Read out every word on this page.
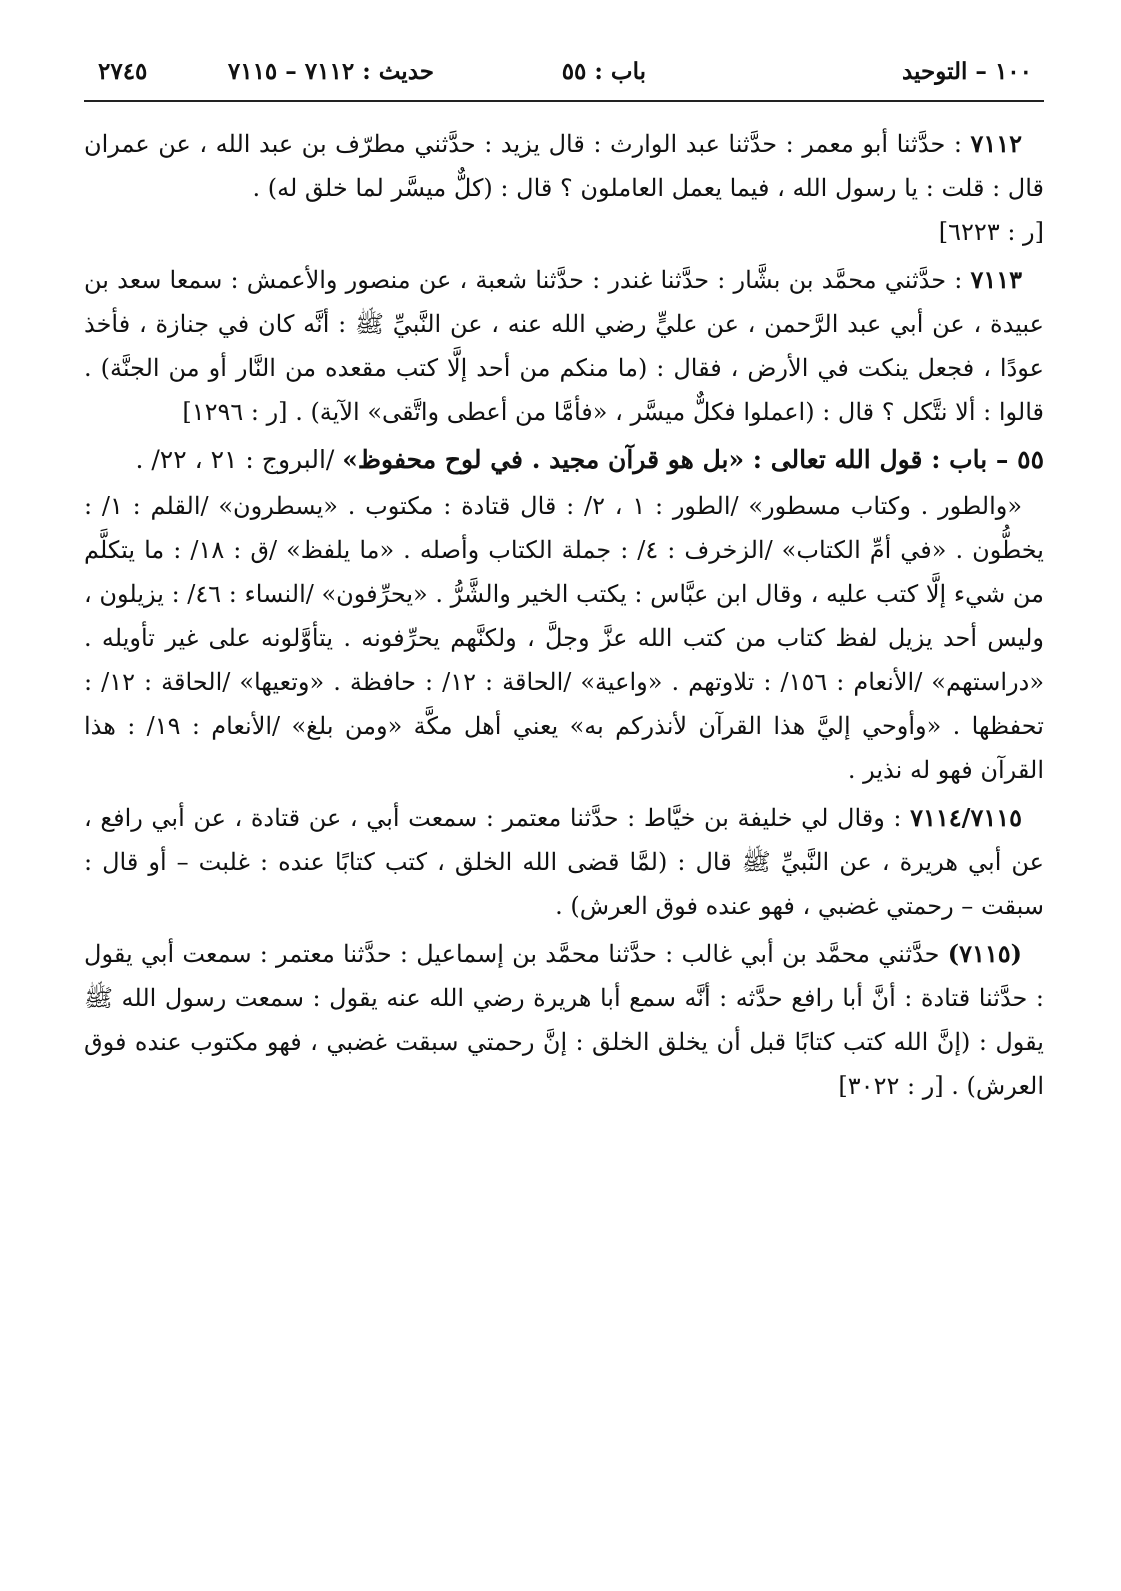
١٠٠ – التوحيد
باب : ٥٥
حديث : ٧١١٢ – ٧١١٥
٢٧٤٥

٧١١٢ : حدَّثنا أبو معمر : حدَّثنا عبد الوارث : قال يزيد : حدَّثني مطرّف بن عبد الله ، عن عمران قال : قلت : يا رسول الله ، فيما يعمل العاملون ؟ قال : (كلٌّ ميسَّر لما خلق له) .
[ر : ٦٢٢٣]

٧١١٣ : حدَّثني محمَّد بن بشَّار : حدَّثنا غندر : حدَّثنا شعبة ، عن منصور والأعمش : سمعا سعد بن عبيدة ، عن أبي عبد الرَّحمن ، عن عليٍّ رضي الله عنه ، عن النَّبيِّ ﷺ : أنَّه كان في جنازة ، فأخذ عودًا ، فجعل ينكت في الأرض ، فقال : (ما منكم من أحد إلَّا كتب مقعده من النَّار أو من الجنَّة) . قالوا : ألا نتَّكل ؟ قال : (اعملوا فكلٌّ ميسَّر ، «فأمَّا من أعطى واتَّقى» الآية) . [ر : ١٢٩٦]

٥٥ – باب : قول الله تعالى : «بل هو قرآن مجيد . في لوح محفوظ» /البروج : ٢١ ، ٢٢/ .

«والطور . وكتاب مسطور» /الطور : ١ ، ٢/ : قال قتادة : مكتوب . «يسطرون» /القلم : ١/ : يخطُّون . «في أمِّ الكتاب» /الزخرف : ٤/ : جملة الكتاب وأصله . «ما يلفظ» /ق : ١٨/ : ما يتكلَّم من شيء إلَّا كتب عليه ، وقال ابن عبَّاس : يكتب الخير والشَّرُّ . «يحرِّفون» /النساء : ٤٦/ : يزيلون ، وليس أحد يزيل لفظ كتاب من كتب الله عزَّ وجلَّ ، ولكنَّهم يحرِّفونه . يتأوَّلونه على غير تأويله . «دراستهم» /الأنعام : ١٥٦/ : تلاوتهم . «واعية» /الحاقة : ١٢/ : حافظة . «وتعيها» /الحاقة : ١٢/ : تحفظها . «وأوحي إليَّ هذا القرآن لأنذركم به» يعني أهل مكَّة «ومن بلغ» /الأنعام : ١٩/ : هذا القرآن فهو له نذير .

٧١١٤/٧١١٥ : وقال لي خليفة بن خيَّاط : حدَّثنا معتمر : سمعت أبي ، عن قتادة ، عن أبي رافع ، عن أبي هريرة ، عن النَّبيِّ ﷺ قال : (لمَّا قضى الله الخلق ، كتب كتابًا عنده : غلبت – أو قال : سبقت – رحمتي غضبي ، فهو عنده فوق العرش) .

(٧١١٥) حدَّثني محمَّد بن أبي غالب : حدَّثنا محمَّد بن إسماعيل : حدَّثنا معتمر : سمعت أبي يقول : حدَّثنا قتادة : أنَّ أبا رافع حدَّثه : أنَّه سمع أبا هريرة رضي الله عنه يقول : سمعت رسول الله ﷺ يقول : (إنَّ الله كتب كتابًا قبل أن يخلق الخلق : إنَّ رحمتي سبقت غضبي ، فهو مكتوب عنده فوق العرش) . [ر : ٣٠٢٢]
